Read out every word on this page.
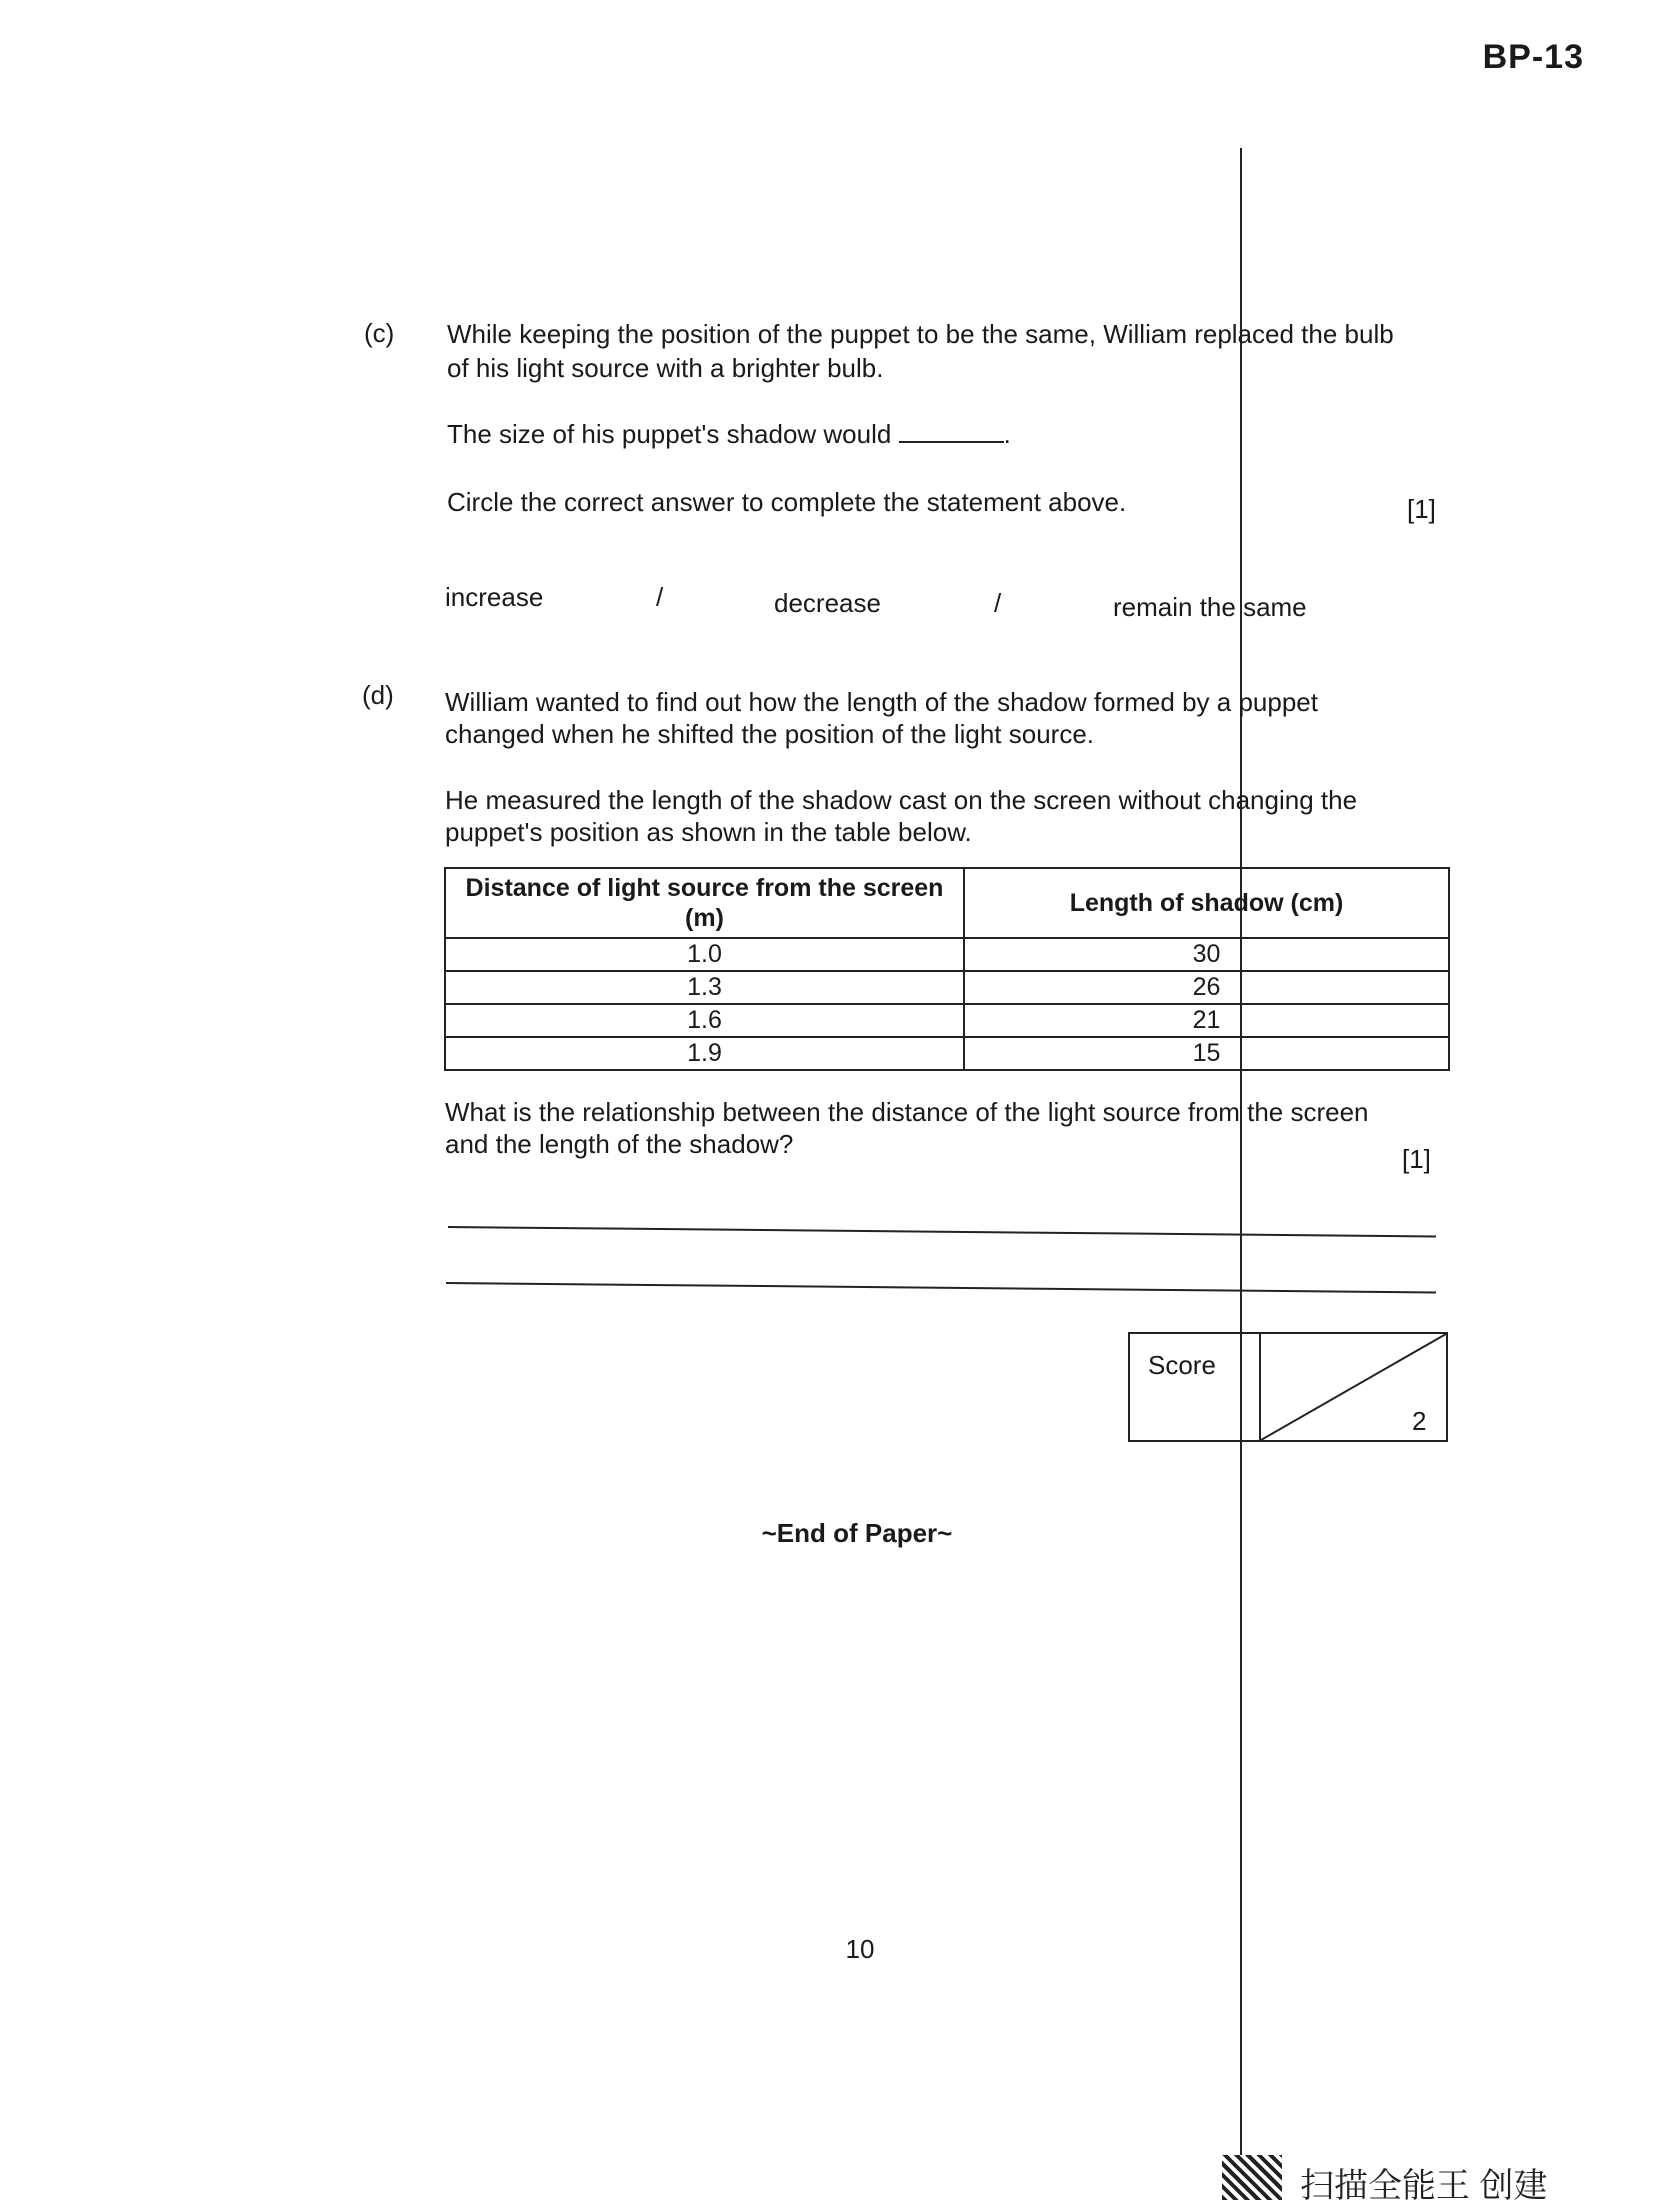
BP-13
(c) While keeping the position of the puppet to be the same, William replaced the bulb
of his light source with a brighter bulb.
The size of his puppet's shadow would	.
Circle the correct answer to complete the statement above.	[1]
increase	/	decrease	/	remain the same
(d) William wanted to find out how the length of the shadow formed by a puppet
changed when he shifted the position of the light source.
He measured the length of the shadow cast on the screen without changing the
puppet's position as shown in the table below.
Distance of light source from the screen (m)	Length of shadow (cm)
1.0	30
1.3	26
1.6	21
1.9	15
What is the relationship between the distance of the light source from the screen
and the length of the shadow?	[1]
Score
2
~End of Paper~
10
扫描全能王 创建
